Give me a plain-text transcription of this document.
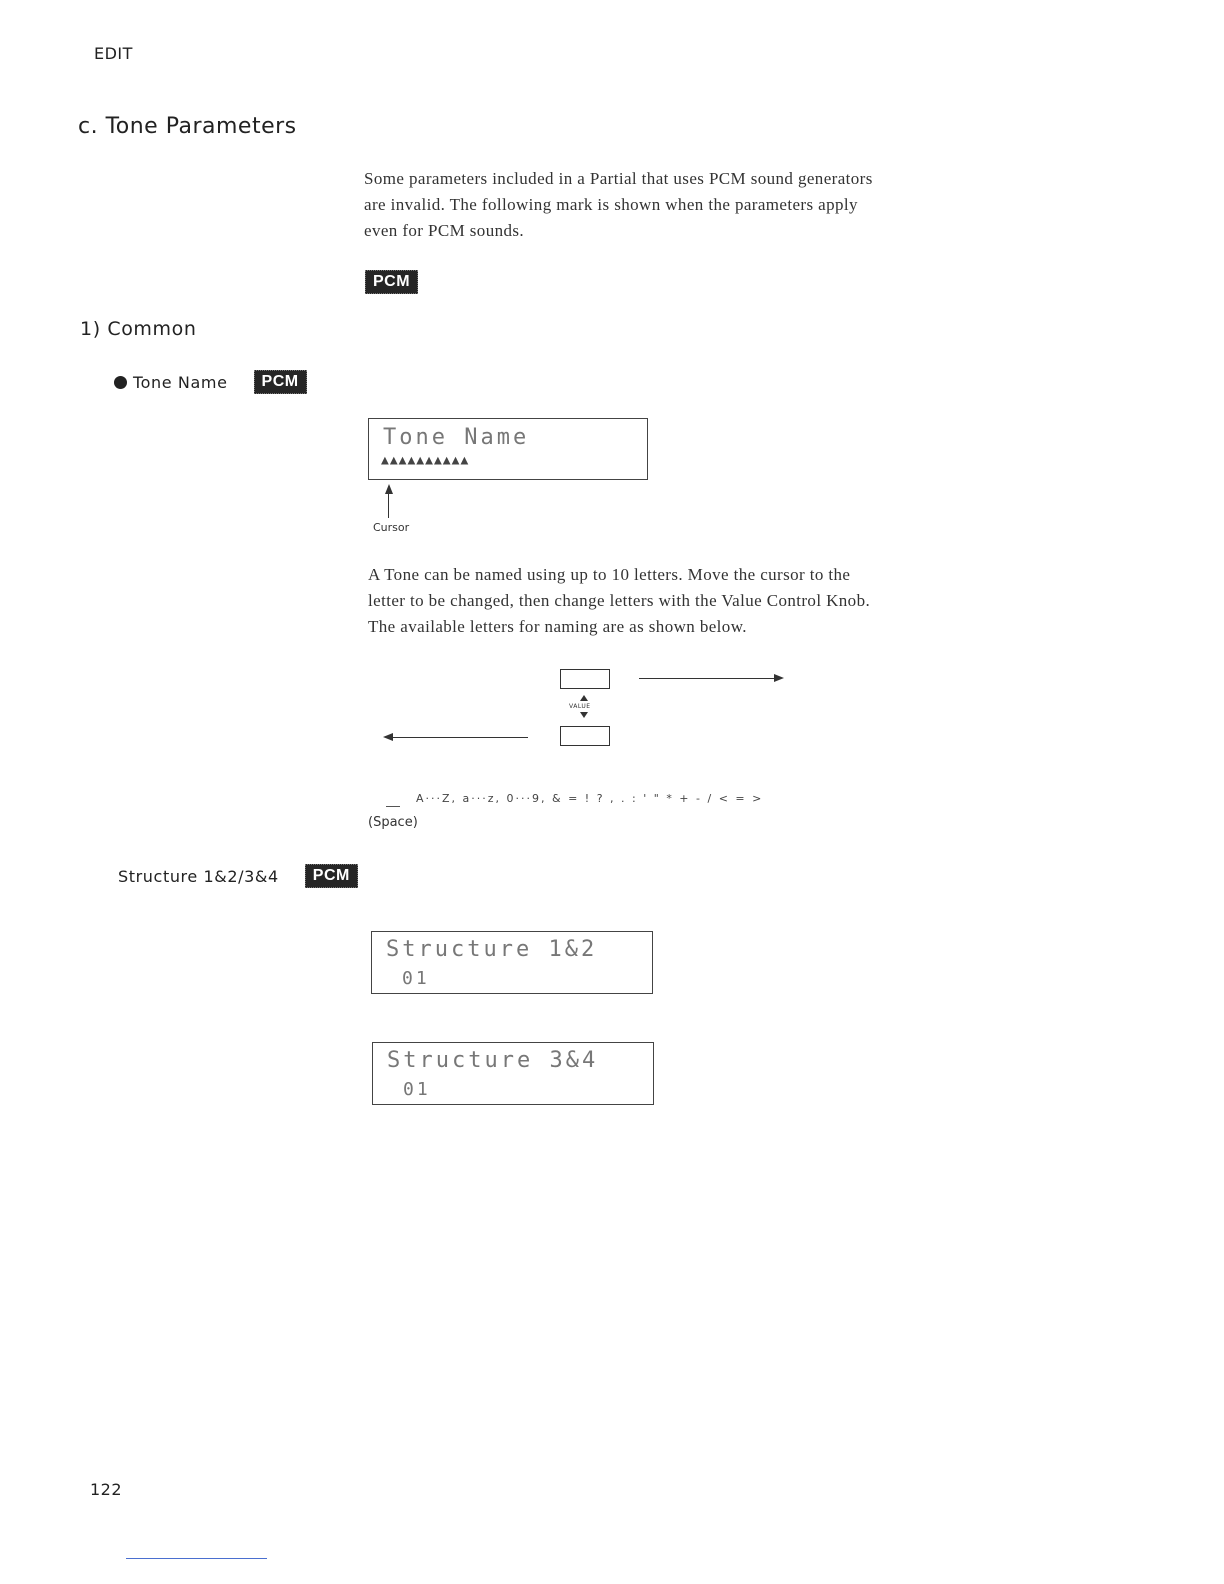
EDIT
c. Tone Parameters
Some parameters included in a Partial that uses PCM sound generators
are invalid. The following mark is shown when the parameters apply
even for PCM sounds.
PCM
1) Common
Tone Name	PCM
Tone Name
▲▲▲▲▲▲▲▲▲▲
Cursor
A Tone can be named using up to 10 letters. Move the cursor to the
letter to be changed, then change letters with the Value Control Knob.
The available letters for naming are as shown below.
VALUE
A···Z, a···z, 0···9, & = ! ? , . : ' " * + - / < = >
(Space)
Structure 1&2/3&4	PCM
Structure 1&2
01
Structure 3&4
01
122
